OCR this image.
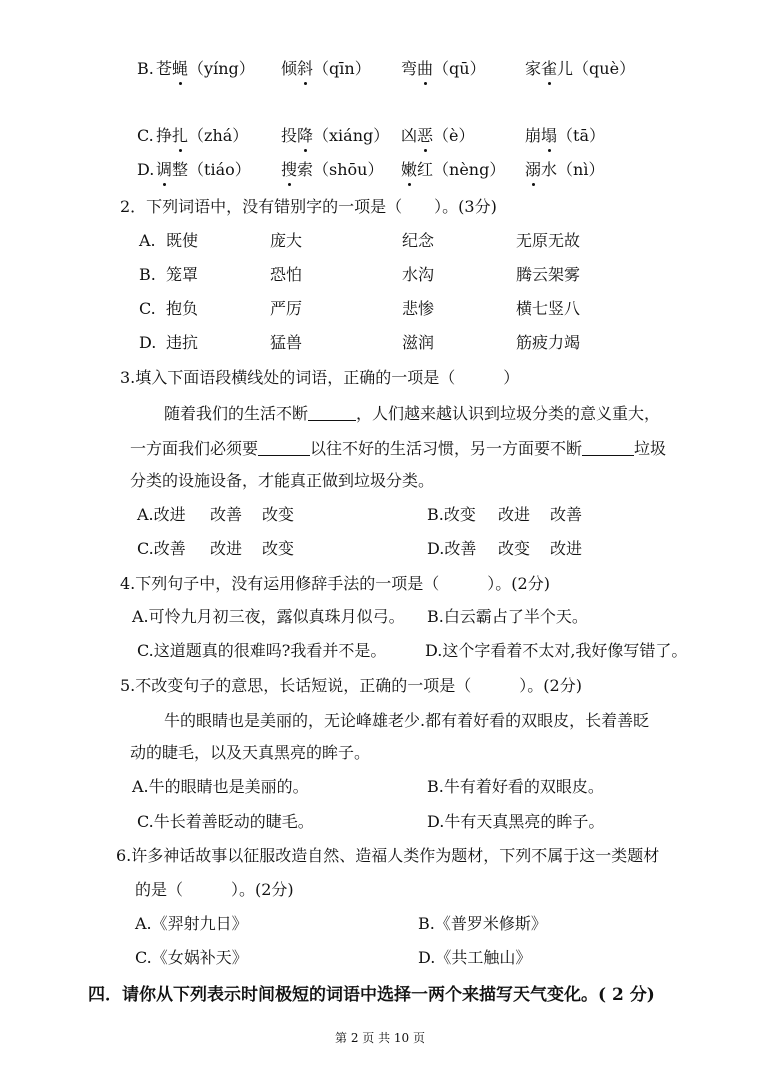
B. 苍蝇（yíng） 倾斜（qīn） 弯曲（qū） 家雀儿（què）
C. 挣扎（zhá） 投降（xiáng） 凶恶（è）	崩塌（tā）
D. 调整（tiáo） 搜索（shōu） 嫩红（nèng） 溺水（nì）
2．下列词语中，没有错别字的一项是（　　）。(3分)
A. 既使	庞大	纪念	无原无故
B. 笼罩	恐怕	水沟	腾云架雾
C. 抱负	严厉	悲惨	横七竖八
D. 违抗	猛兽	滋润	筋疲力竭
3.填入下面语段横线处的词语，正确的一项是（　　　）
随着我们的生活不断	，人们越来越认识到垃圾分类的意义重大，
一方面我们必须要	以往不好的生活习惯，另一方面要不断	垃圾
分类的设施设备，才能真正做到垃圾分类。
A.改进 改善 改变	B.改变 改进 改善
C.改善 改进 改变	D.改善 改变 改进
4.下列句子中，没有运用修辞手法的一项是（　　　）。(2分)
A.可怜九月初三夜，露似真珠月似弓。 B.白云霸占了半个天。
C.这道题真的很难吗?我看并不是。 D.这个字看着不太对,我好像写错了。
5.不改变句子的意思，长话短说，正确的一项是（　　　）。(2分)
牛的眼睛也是美丽的，无论峰雄老少.都有着好看的双眼皮，长着善眨
动的睫毛，以及天真黑亮的眸子。
A.牛的眼睛也是美丽的。	B.牛有着好看的双眼皮。
C.牛长着善眨动的睫毛。	D.牛有天真黑亮的眸子。
6.许多神话故事以征服改造自然、造福人类作为题材，下列不属于这一类题材
的是（　　　）。(2分)
A.《羿射九日》	B.《普罗米修斯》
C.《女娲补天》	D.《共工触山》
四．请你从下列表示时间极短的词语中选择一两个来描写天气变化。( 2 分)
第 2 页 共 10 页
